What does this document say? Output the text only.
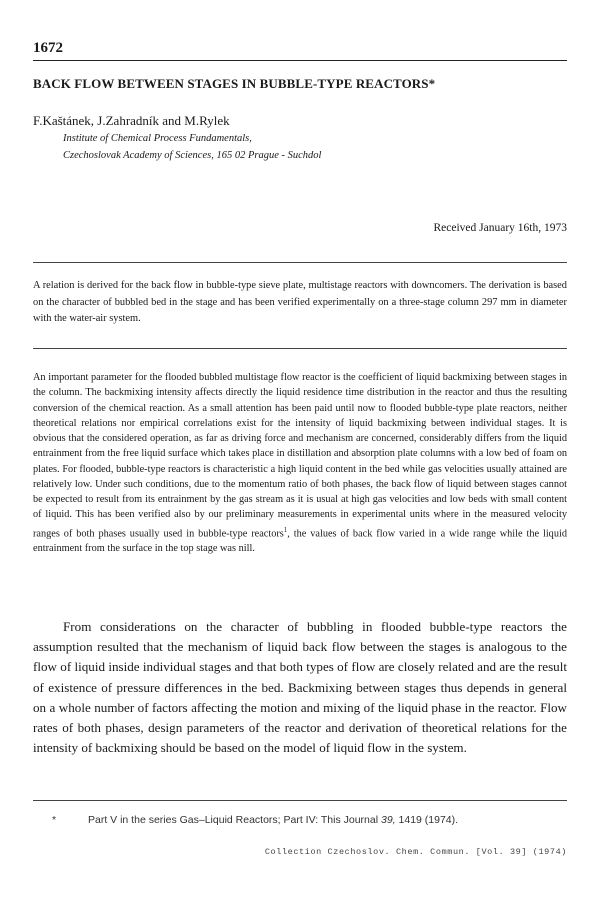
1672
BACK FLOW BETWEEN STAGES IN BUBBLE-TYPE REACTORS*
F.Kaštánek, J.Zahradník and M.Rylek
Institute of Chemical Process Fundamentals,
Czechoslovak Academy of Sciences, 165 02 Prague - Suchdol
Received January 16th, 1973
A relation is derived for the back flow in bubble-type sieve plate, multistage reactors with downcomers. The derivation is based on the character of bubbled bed in the stage and has been verified experimentally on a three-stage column 297 mm in diameter with the water-air system.
An important parameter for the flooded bubbled multistage flow reactor is the coefficient of liquid backmixing between stages in the column. The backmixing intensity affects directly the liquid residence time distribution in the reactor and thus the resulting conversion of the chemical reaction. As a small attention has been paid until now to flooded bubble-type plate reactors, neither theoretical relations nor empirical correlations exist for the intensity of liquid backmixing between individual stages. It is obvious that the considered operation, as far as driving force and mechanism are concerned, considerably differs from the liquid entrainment from the free liquid surface which takes place in distillation and absorption plate columns with a low bed of foam on plates. For flooded, bubble-type reactors is characteristic a high liquid content in the bed while gas velocities usually attained are relatively low. Under such conditions, due to the momentum ratio of both phases, the back flow of liquid between stages cannot be expected to result from its entrainment by the gas stream as it is usual at high gas velocities and low beds with small content of liquid. This has been verified also by our preliminary measurements in experimental units where in the measured velocity ranges of both phases usually used in bubble-type reactors$^1$, the values of back flow varied in a wide range while the liquid entrainment from the surface in the top stage was nill.
From considerations on the character of bubbling in flooded bubble-type reactors the assumption resulted that the mechanism of liquid back flow between the stages is analogous to the flow of liquid inside individual stages and that both types of flow are closely related and are the result of existence of pressure differences in the bed. Backmixing between stages thus depends in general on a whole number of factors affecting the motion and mixing of the liquid phase in the reactor. Flow rates of both phases, design parameters of the reactor and derivation of theoretical relations for the intensity of backmixing should be based on the model of liquid flow in the system.
*	Part V in the series Gas–Liquid Reactors; Part IV: This Journal 39, 1419 (1974).
Collection Czechoslov. Chem. Commun. [Vol. 39] (1974)
